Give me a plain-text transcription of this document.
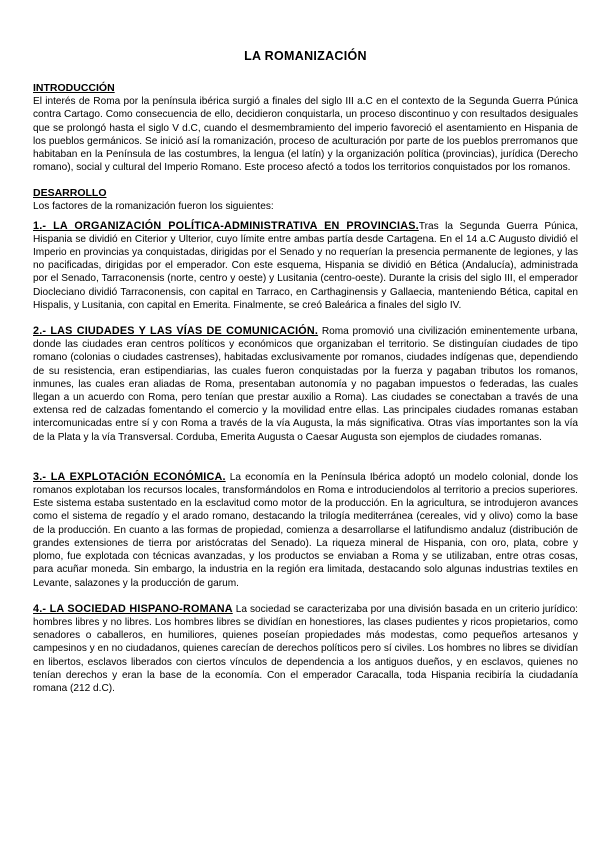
LA ROMANIZACIÓN
INTRODUCCIÓN

El interés de Roma por la península ibérica surgió a finales del siglo III a.C en el contexto de la Segunda Guerra Púnica contra Cartago. Como consecuencia de ello, decidieron conquistarla, un proceso discontinuo y con resultados desiguales que se prolongó hasta el siglo V d.C, cuando el desmembramiento del imperio favoreció el asentamiento en Hispania de los pueblos germánicos. Se inició así la romanización, proceso de aculturación por parte de los pueblos prerromanos que habitaban en la Península de las costumbres, la lengua (el latín) y la organización política (provincias), jurídica (Derecho romano), social y cultural del Imperio Romano. Este proceso afectó a todos los territorios conquistados por los romanos.

DESARROLLO

Los factores de la romanización fueron los siguientes:

1.- LA ORGANIZACIÓN POLÍTICA-ADMINISTRATIVA EN PROVINCIAS.Tras la Segunda Guerra Púnica, Hispania se dividió en Citerior y Ulterior, cuyo límite entre ambas partía desde Cartagena. En el 14 a.C Augusto dividió el Imperio en provincias ya conquistadas, dirigidas por el Senado y no requerían la presencia permanente de legiones, y las no pacificadas, dirigidas por el emperador. Con este esquema, Hispania se dividió en Bética (Andalucía), administrada por el Senado, Tarraconensis (norte, centro y oeste) y Lusitania (centro-oeste). Durante la crisis del siglo III, el emperador Diocleciano dividió Tarraconensis, con capital en Tarraco, en Carthaginensis y Gallaecia, manteniendo Bética, capital en Hispalis, y Lusitania, con capital en Emerita. Finalmente, se creó Baleárica a finales del siglo IV.

2.- LAS CIUDADES Y LAS VÍAS DE COMUNICACIÓN. Roma promovió una civilización eminentemente urbana, donde las ciudades eran centros políticos y económicos que organizaban el territorio. Se distinguían ciudades de tipo romano (colonias o ciudades castrenses), habitadas exclusivamente por romanos, ciudades indígenas que, dependiendo de su resistencia, eran estipendiarias, las cuales fueron conquistadas por la fuerza y pagaban tributos los romanos, inmunes, las cuales eran aliadas de Roma, presentaban autonomía y no pagaban impuestos o federadas, las cuales llegan a un acuerdo con Roma, pero tenían que prestar auxilio a Roma). Las ciudades se conectaban a través de una extensa red de calzadas fomentando el comercio y la movilidad entre ellas. Las principales ciudades romanas estaban intercomunicadas entre sí y con Roma a través de la vía Augusta, la más significativa. Otras vías importantes son la vía de la Plata y la vía Transversal. Corduba, Emerita Augusta o Caesar Augusta son ejemplos de ciudades romanas.

3.- LA EXPLOTACIÓN ECONÓMICA. La economía en la Península Ibérica adoptó un modelo colonial, donde los romanos explotaban los recursos locales, transformándolos en Roma e introduciendolos al territorio a precios superiores. Este sistema estaba sustentado en la esclavitud como motor de la producción. En la agricultura, se introdujeron avances como el sistema de regadío y el arado romano, destacando la trilogía mediterránea (cereales, vid y olivo) como la base de la producción. En cuanto a las formas de propiedad, comienza a desarrollarse el latifundismo andaluz (distribución de grandes extensiones de tierra por aristócratas del Senado). La riqueza mineral de Hispania, con oro, plata, cobre y plomo, fue explotada con técnicas avanzadas, y los productos se enviaban a Roma y se utilizaban, entre otras cosas, para acuñar moneda. Sin embargo, la industria en la región era limitada, destacando solo algunas industrias textiles en Levante, salazones y la producción de garum.

4.- LA SOCIEDAD HISPANO-ROMANA La sociedad se caracterizaba por una división basada en un criterio jurídico: hombres libres y no libres. Los hombres libres se dividían en honestiores, las clases pudientes y ricos propietarios, como senadores o caballeros, en humiliores, quienes poseían propiedades más modestas, como pequeños artesanos y campesinos y en no ciudadanos, quienes carecían de derechos políticos pero sí civiles. Los hombres no libres se dividían en libertos, esclavos liberados con ciertos vínculos de dependencia a los antiguos dueños, y en esclavos, quienes no tenían derechos y eran la base de la economía. Con el emperador Caracalla, toda Hispania recibiría la ciudadanía romana (212 d.C).
